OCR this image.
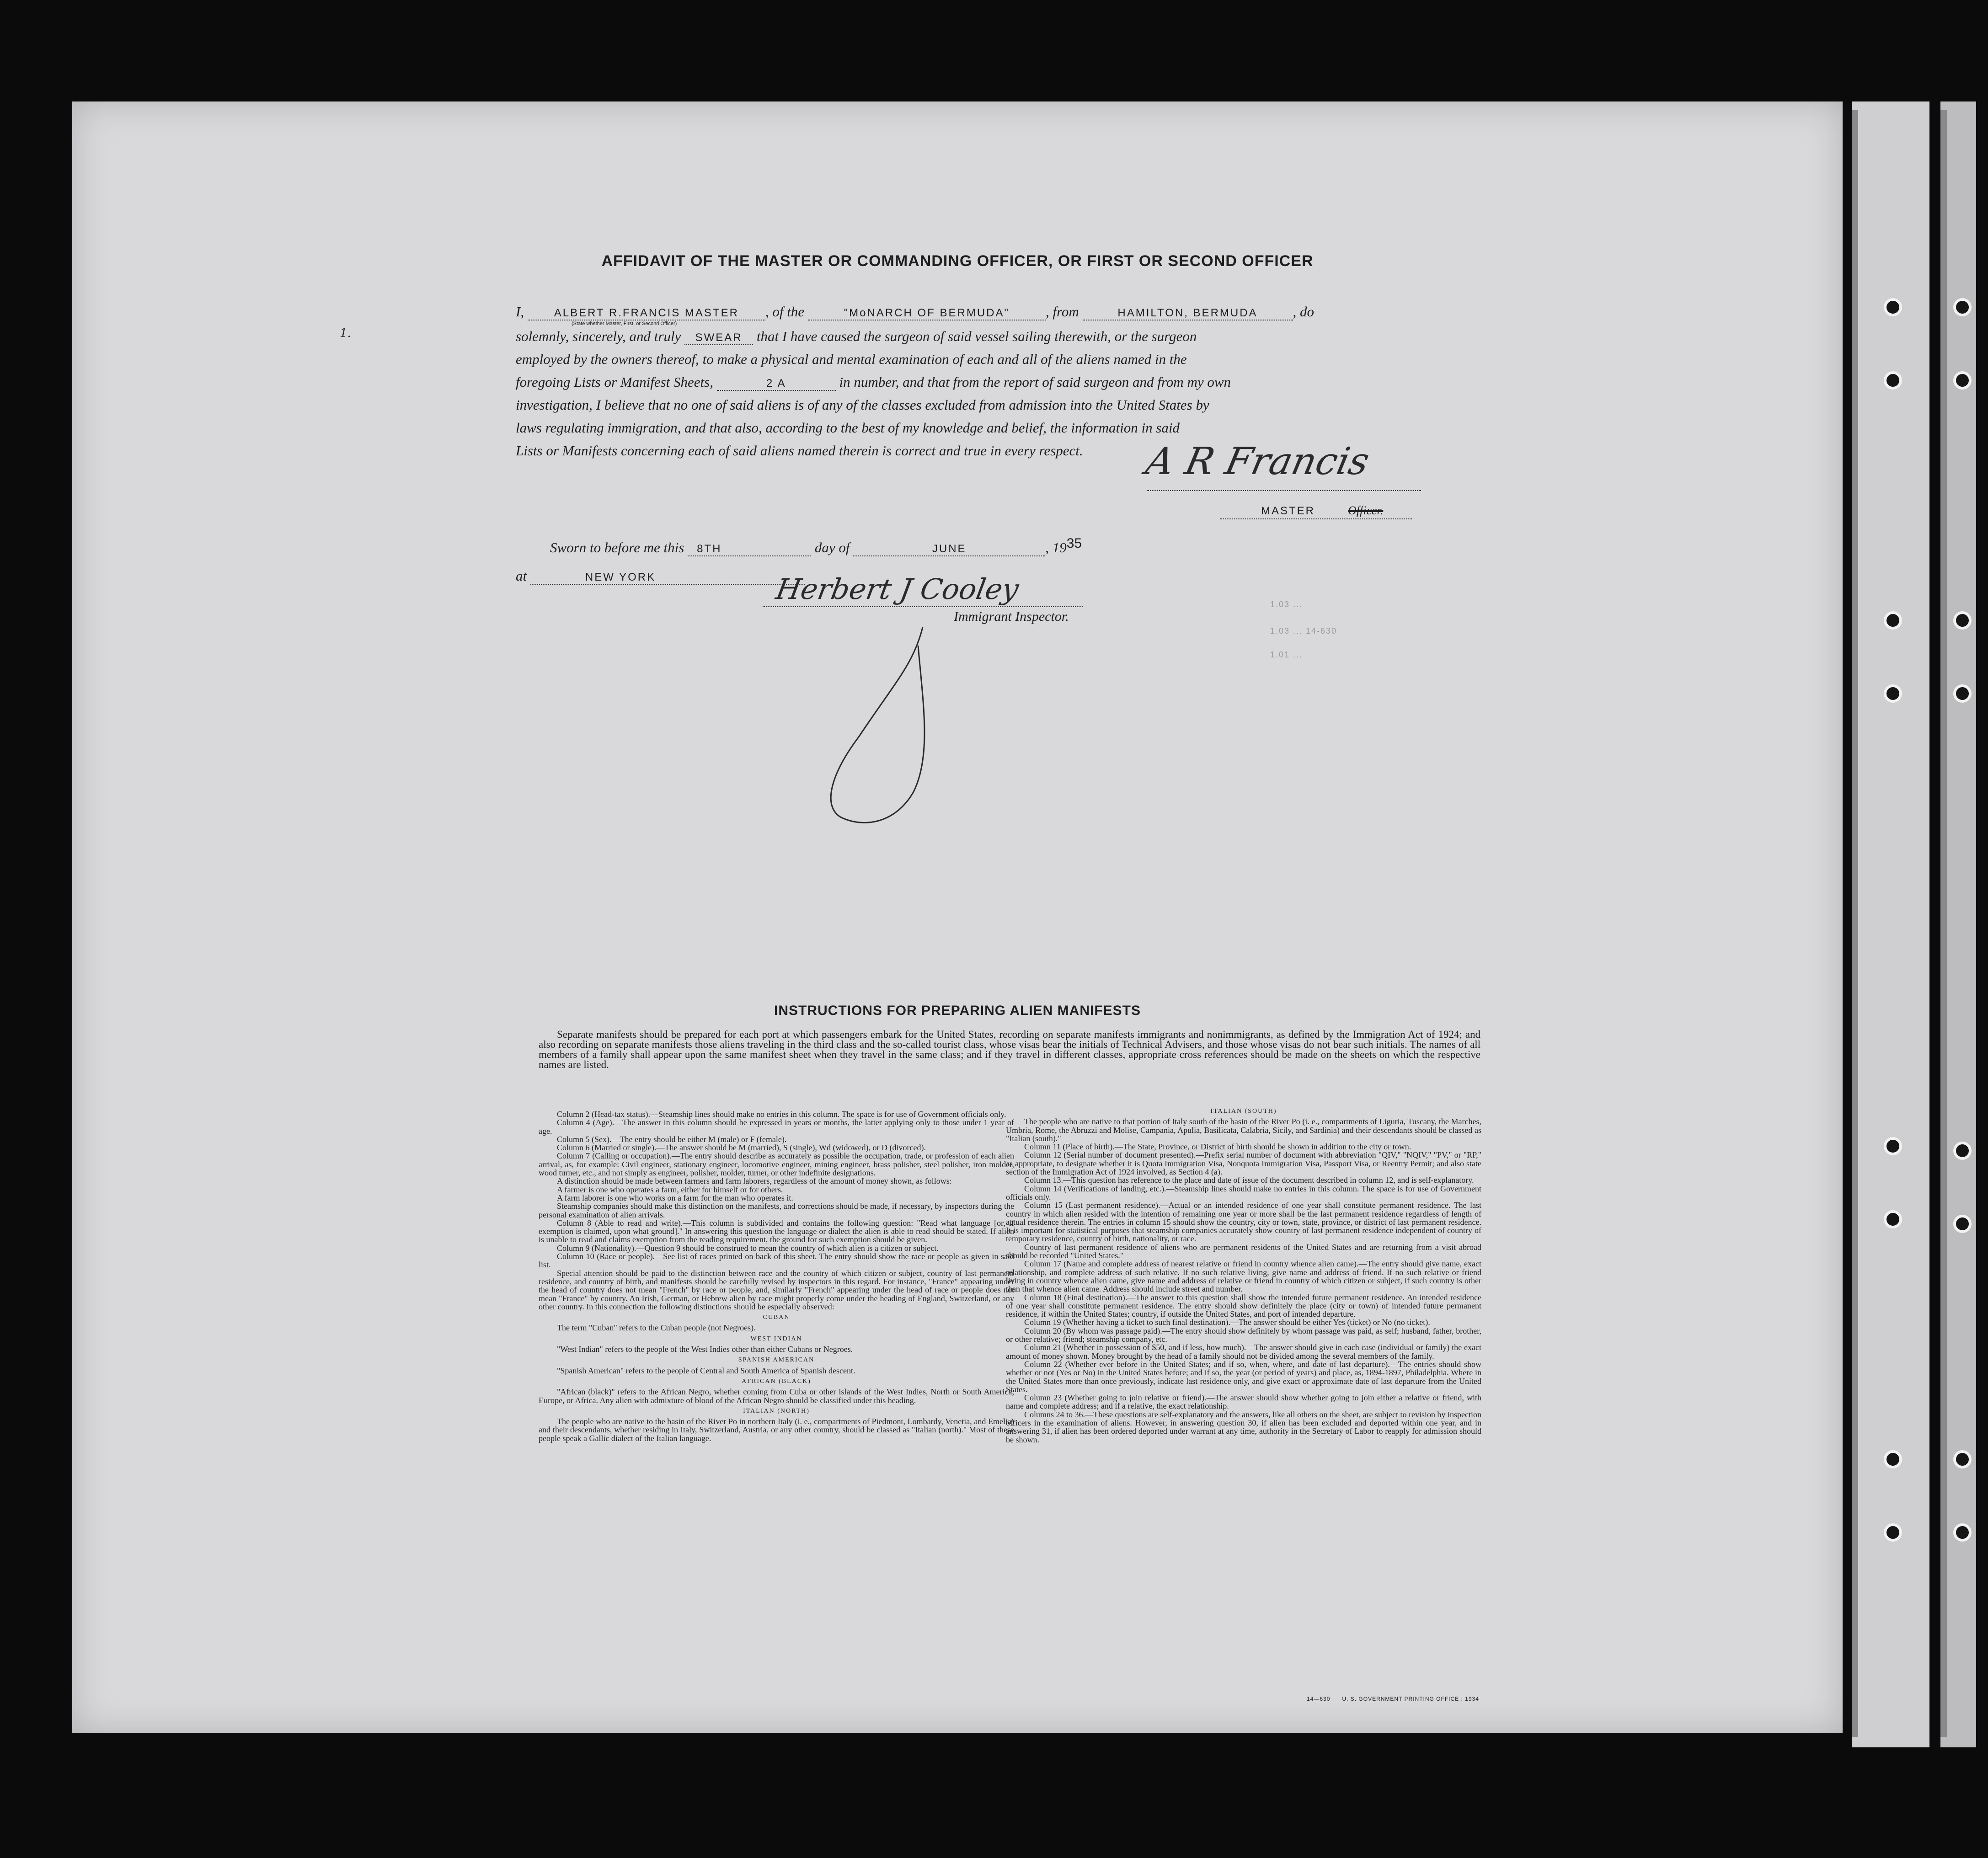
AFFIDAVIT OF THE MASTER OR COMMANDING OFFICER, OR FIRST OR SECOND OFFICER
1.
I,	ALBERT R.FRANCIS MASTER , of the	"MoNARCH OF BERMUDA"	, from	HAMILTON, BERMUDA , do
(State whether Master, First, or Second Officer)
solemnly, sincerely, and truly SWEAR that I have caused the surgeon of said vessel sailing therewith, or the surgeon
employed by the owners thereof, to make a physical and mental examination of each and all of the aliens named in the
foregoing Lists or Manifest Sheets,	2 A	in number, and that from the report of said surgeon and from my own
investigation, I believe that no one of said aliens is of any of the classes excluded from admission into the United States by
laws regulating immigration, and that also, according to the best of my knowledge and belief, the information in said
Lists or Manifests concerning each of said aliens named therein is correct and true in every respect. A R Francis
MASTER	Officer.
Sworn to before me this 8TH	day of	JUNE	, 1935
at	NEW YORK	Herbert J Cooley
Immigrant Inspector.
1.03 ...
1.03 ... 14-630
1.01 ...
INSTRUCTIONS FOR PREPARING ALIEN MANIFESTS

Separate manifests should be prepared for each port at which passengers embark for the United States, recording on separate manifests immigrants and nonimmigrants, as defined by the Immigration Act of 1924; and also recording on separate manifests those aliens traveling in the third class and the so-called tourist class, whose visas bear the initials of Technical Advisers, and those whose visas do not bear such initials. The names of all members of a family shall appear upon the same manifest sheet when they travel in the same class; and if they travel in different classes, appropriate cross references should be made on the sheets on which the respective names are listed.

Column 2 (Head-tax status).—Steamship lines should make no entries in this column. The space is for use of Government officials only.

Column 4 (Age).—The answer in this column should be expressed in years or months, the latter applying only to those under 1 year of age.

Column 5 (Sex).—The entry should be either M (male) or F (female).

Column 6 (Married or single).—The answer should be M (married), S (single), Wd (widowed), or D (divorced).

Column 7 (Calling or occupation).—The entry should describe as accurately as possible the occupation, trade, or profession of each alien arrival, as, for example: Civil engineer, stationary engineer, locomotive engineer, mining engineer, brass polisher, steel polisher, iron molder, wood turner, etc., and not simply as engineer, polisher, molder, turner, or other indefinite designations.

A distinction should be made between farmers and farm laborers, regardless of the amount of money shown, as follows:

A farmer is one who operates a farm, either for himself or for others.

A farm laborer is one who works on a farm for the man who operates it.

Steamship companies should make this distinction on the manifests, and corrections should be made, if necessary, by inspectors during the personal examination of alien arrivals.

Column 8 (Able to read and write).—This column is subdivided and contains the following question: "Read what language [or, if exemption is claimed, upon what ground]." In answering this question the language or dialect the alien is able to read should be stated. If alien is unable to read and claims exemption from the reading requirement, the ground for such exemption should be given.

Column 9 (Nationality).—Question 9 should be construed to mean the country of which alien is a citizen or subject.

Column 10 (Race or people).—See list of races printed on back of this sheet. The entry should show the race or people as given in said list.

Special attention should be paid to the distinction between race and the country of which citizen or subject, country of last permanent residence, and country of birth, and manifests should be carefully revised by inspectors in this regard. For instance, "France" appearing under the head of country does not mean "French" by race or people, and, similarly "French" appearing under the head of race or people does not mean "France" by country. An Irish, German, or Hebrew alien by race might properly come under the heading of England, Switzerland, or any other country. In this connection the following distinctions should be especially observed:

CUBAN

The term "Cuban" refers to the Cuban people (not Negroes).

WEST INDIAN

"West Indian" refers to the people of the West Indies other than either Cubans or Negroes.

SPANISH AMERICAN

"Spanish American" refers to the people of Central and South America of Spanish descent.

AFRICAN (BLACK)

"African (black)" refers to the African Negro, whether coming from Cuba or other islands of the West Indies, North or South America, Europe, or Africa. Any alien with admixture of blood of the African Negro should be classified under this heading.

ITALIAN (NORTH)

The people who are native to the basin of the River Po in northern Italy (i. e., compartments of Piedmont, Lombardy, Venetia, and Emelia) and their descendants, whether residing in Italy, Switzerland, Austria, or any other country, should be classed as "Italian (north)." Most of these people speak a Gallic dialect of the Italian language.

ITALIAN (SOUTH)

The people who are native to that portion of Italy south of the basin of the River Po (i. e., compartments of Liguria, Tuscany, the Marches, Umbria, Rome, the Abruzzi and Molise, Campania, Apulia, Basilicata, Calabria, Sicily, and Sardinia) and their descendants should be classed as "Italian (south)."

Column 11 (Place of birth).—The State, Province, or District of birth should be shown in addition to the city or town.

Column 12 (Serial number of document presented).—Prefix serial number of document with abbreviation "QIV," "NQIV," "PV," or "RP," as appropriate, to designate whether it is Quota Immigration Visa, Nonquota Immigration Visa, Passport Visa, or Reentry Permit; and also state section of the Immigration Act of 1924 involved, as Section 4 (a).

Column 13.—This question has reference to the place and date of issue of the document described in column 12, and is self-explanatory.

Column 14 (Verifications of landing, etc.).—Steamship lines should make no entries in this column. The space is for use of Government officials only.

Column 15 (Last permanent residence).—Actual or an intended residence of one year shall constitute permanent residence. The last country in which alien resided with the intention of remaining one year or more shall be the last permanent residence regardless of length of actual residence therein. The entries in column 15 should show the country, city or town, state, province, or district of last permanent residence. It is important for statistical purposes that steamship companies accurately show country of last permanent residence independent of country of temporary residence, country of birth, nationality, or race.

Country of last permanent residence of aliens who are permanent residents of the United States and are returning from a visit abroad should be recorded "United States."

Column 17 (Name and complete address of nearest relative or friend in country whence alien came).—The entry should give name, exact relationship, and complete address of such relative. If no such relative living, give name and address of friend. If no such relative or friend living in country whence alien came, give name and address of relative or friend in country of which citizen or subject, if such country is other than that whence alien came. Address should include street and number.

Column 18 (Final destination).—The answer to this question shall show the intended future permanent residence. An intended residence of one year shall constitute permanent residence. The entry should show definitely the place (city or town) of intended future permanent residence, if within the United States; country, if outside the United States, and port of intended departure.

Column 19 (Whether having a ticket to such final destination).—The answer should be either Yes (ticket) or No (no ticket).

Column 20 (By whom was passage paid).—The entry should show definitely by whom passage was paid, as self; husband, father, brother, or other relative; friend; steamship company, etc.

Column 21 (Whether in possession of $50, and if less, how much).—The answer should give in each case (individual or family) the exact amount of money shown. Money brought by the head of a family should not be divided among the several members of the family.

Column 22 (Whether ever before in the United States; and if so, when, where, and date of last departure).—The entries should show whether or not (Yes or No) in the United States before; and if so, the year (or period of years) and place, as, 1894-1897, Philadelphia. Where in the United States more than once previously, indicate last residence only, and give exact or approximate date of last departure from the United States.

Column 23 (Whether going to join relative or friend).—The answer should show whether going to join either a relative or friend, with name and complete address; and if a relative, the exact relationship.

Columns 24 to 36.—These questions are self-explanatory and the answers, like all others on the sheet, are subject to revision by inspection officers in the examination of aliens. However, in answering question 30, if alien has been excluded and deported within one year, and in answering 31, if alien has been ordered deported under warrant at any time, authority in the Secretary of Labor to reapply for admission should be shown.

14—630 U. S. GOVERNMENT PRINTING OFFICE : 1934
